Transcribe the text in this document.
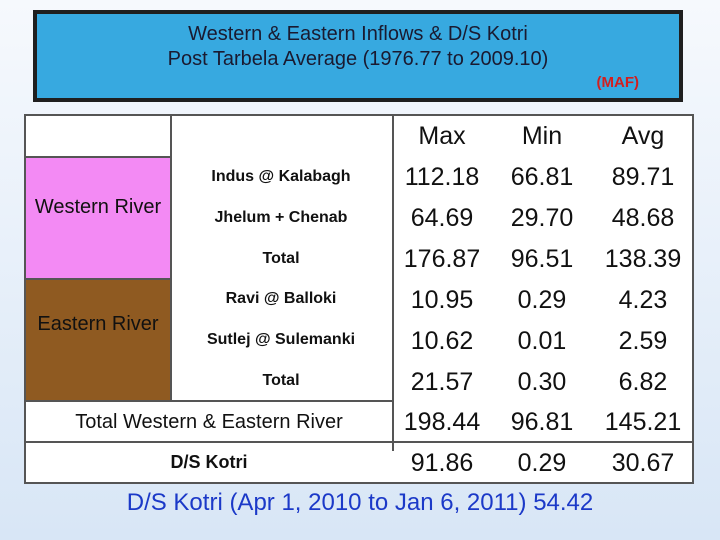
Western & Eastern Inflows & D/S Kotri
Post Tarbela Average (1976.77 to 2009.10)
(MAF)
Western River
Eastern River
Max	Min	Avg
Indus @ Kalabagh	112.18	66.81	89.71
Jhelum + Chenab	64.69	29.70	48.68
Total	176.87	96.51	138.39
Ravi @ Balloki	10.95	0.29	4.23
Sutlej @ Sulemanki	10.62	0.01	2.59
Total	21.57	0.30	6.82
Total Western & Eastern River	198.44	96.81	145.21
D/S Kotri	91.86	0.29	30.67
D/S Kotri (Apr 1, 2010 to Jan 6, 2011) 54.42
